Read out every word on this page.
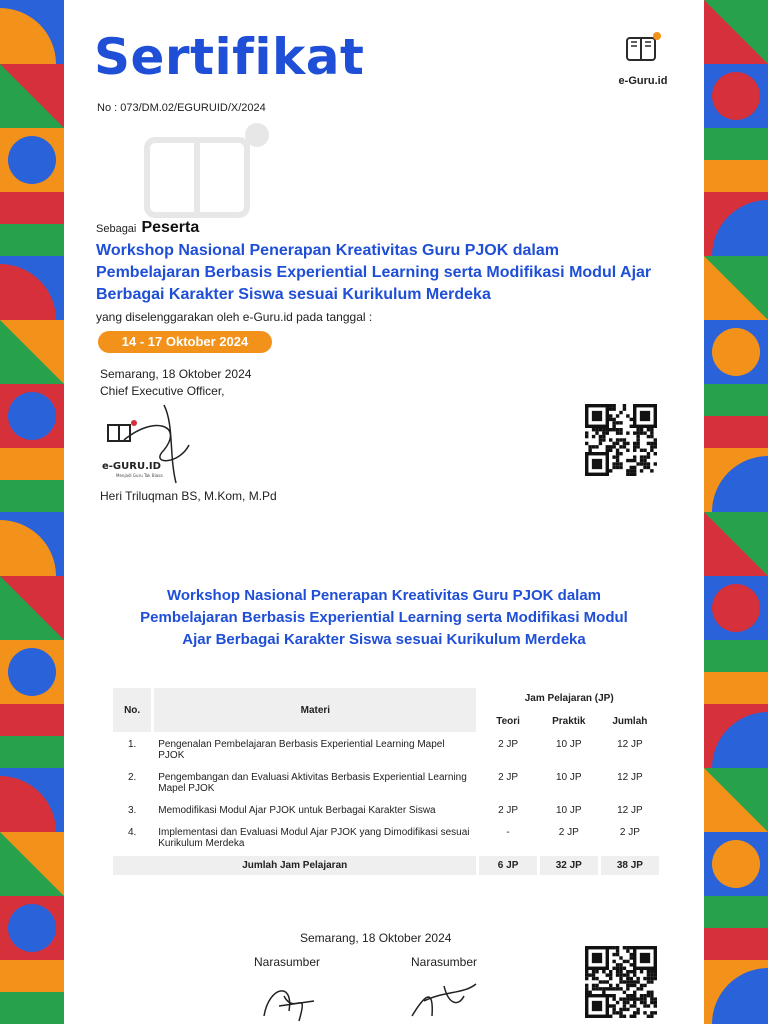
Sertifikat
No : 073/DM.02/EGURUID/X/2024
e-Guru.id
Sebagai Peserta
Workshop Nasional Penerapan Kreativitas Guru PJOK dalam Pembelajaran Berbasis Experiential Learning serta Modifikasi Modul Ajar Berbagai Karakter Siswa sesuai Kurikulum Merdeka
yang diselenggarakan oleh e-Guru.id pada tanggal :
14 - 17 Oktober 2024
Semarang, 18 Oktober 2024
Chief Executive Officer,
e-GURU.ID
Menjadi Guru Tak Biasa
Heri Triluqman BS, M.Kom, M.Pd
Workshop Nasional Penerapan Kreativitas Guru PJOK dalam Pembelajaran Berbasis Experiential Learning serta Modifikasi Modul Ajar Berbagai Karakter Siswa sesuai Kurikulum Merdeka
No.	Materi	Jam Pelajaran (JP)		
		Teori	Praktik	Jumlah
1.	Pengenalan Pembelajaran Berbasis Experiential Learning Mapel PJOK	2 JP	10 JP	12 JP
2.	Pengembangan dan Evaluasi Aktivitas Berbasis Experiential Learning Mapel PJOK	2 JP	10 JP	12 JP
3.	Memodifikasi Modul Ajar PJOK untuk Berbagai Karakter Siswa	2 JP	10 JP	12 JP
4.	Implementasi dan Evaluasi Modul Ajar PJOK yang Dimodifikasi sesuai Kurikulum Merdeka	-	2 JP	2 JP
Jumlah Jam Pelajaran		6 JP	32 JP	38 JP
Semarang, 18 Oktober 2024
Narasumber	Narasumber
